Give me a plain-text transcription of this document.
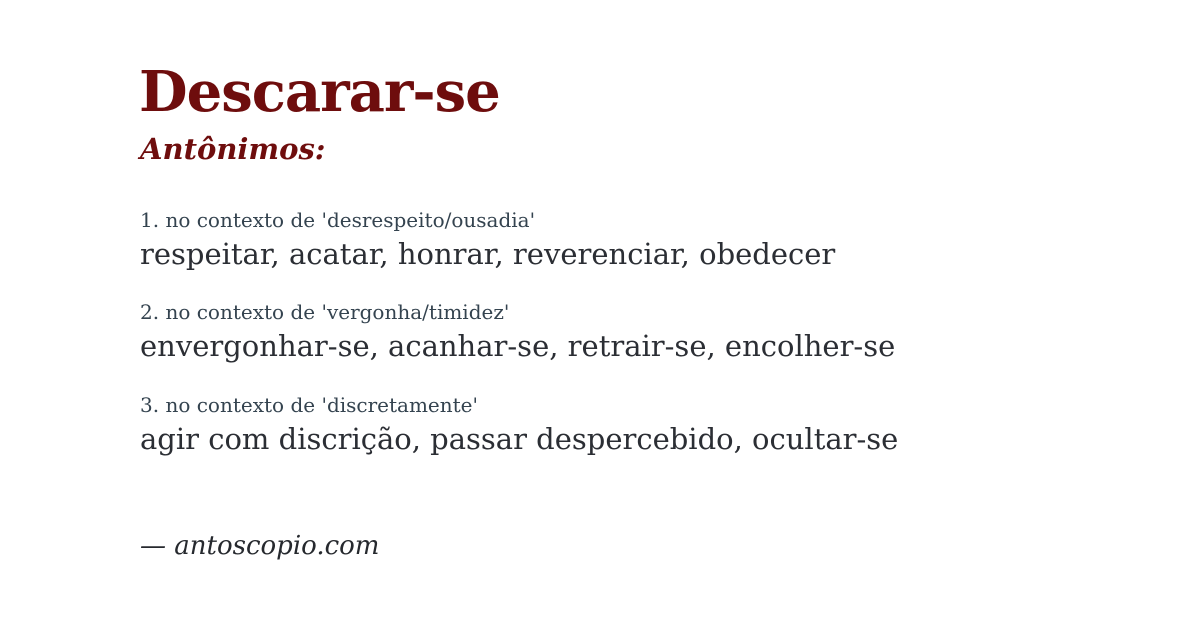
Descarar-se
Antônimos:
1. no contexto de 'desrespeito/ousadia'
respeitar, acatar, honrar, reverenciar, obedecer
2. no contexto de 'vergonha/timidez'
envergonhar-se, acanhar-se, retrair-se, encolher-se
3. no contexto de 'discretamente'
agir com discrição, passar despercebido, ocultar-se
— antoscopio.com
